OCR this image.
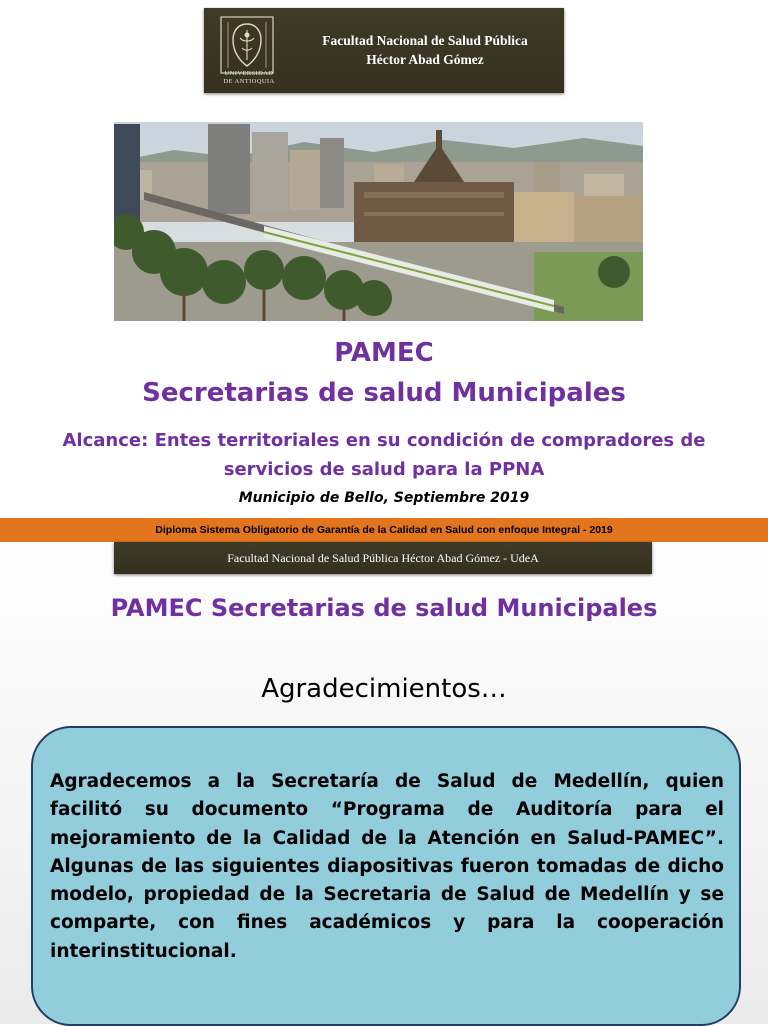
UNIVERSIDAD
DE ANTIOQUIA
Facultad Nacional de Salud Pública
Héctor Abad Gómez
PAMEC
Secretarias de salud Municipales
Alcance: Entes territoriales en su condición de compradores de
servicios de salud para la PPNA
Municipio de Bello, Septiembre 2019
Diploma Sistema Obligatorio de Garantía de la Calidad en Salud con enfoque Integral - 2019
Facultad Nacional de Salud Pública Héctor Abad Gómez - UdeA
PAMEC Secretarias de salud Municipales
Agradecimientos…
Agradecemos a la Secretaría de Salud de Medellín, quien facilitó su documento “Programa de Auditoría para el mejoramiento de la Calidad de la Atención en Salud-PAMEC”. Algunas de las siguientes diapositivas fueron tomadas de dicho modelo, propiedad de la Secretaria de Salud de Medellín y se comparte, con fines académicos y para la cooperación interinstitucional.
